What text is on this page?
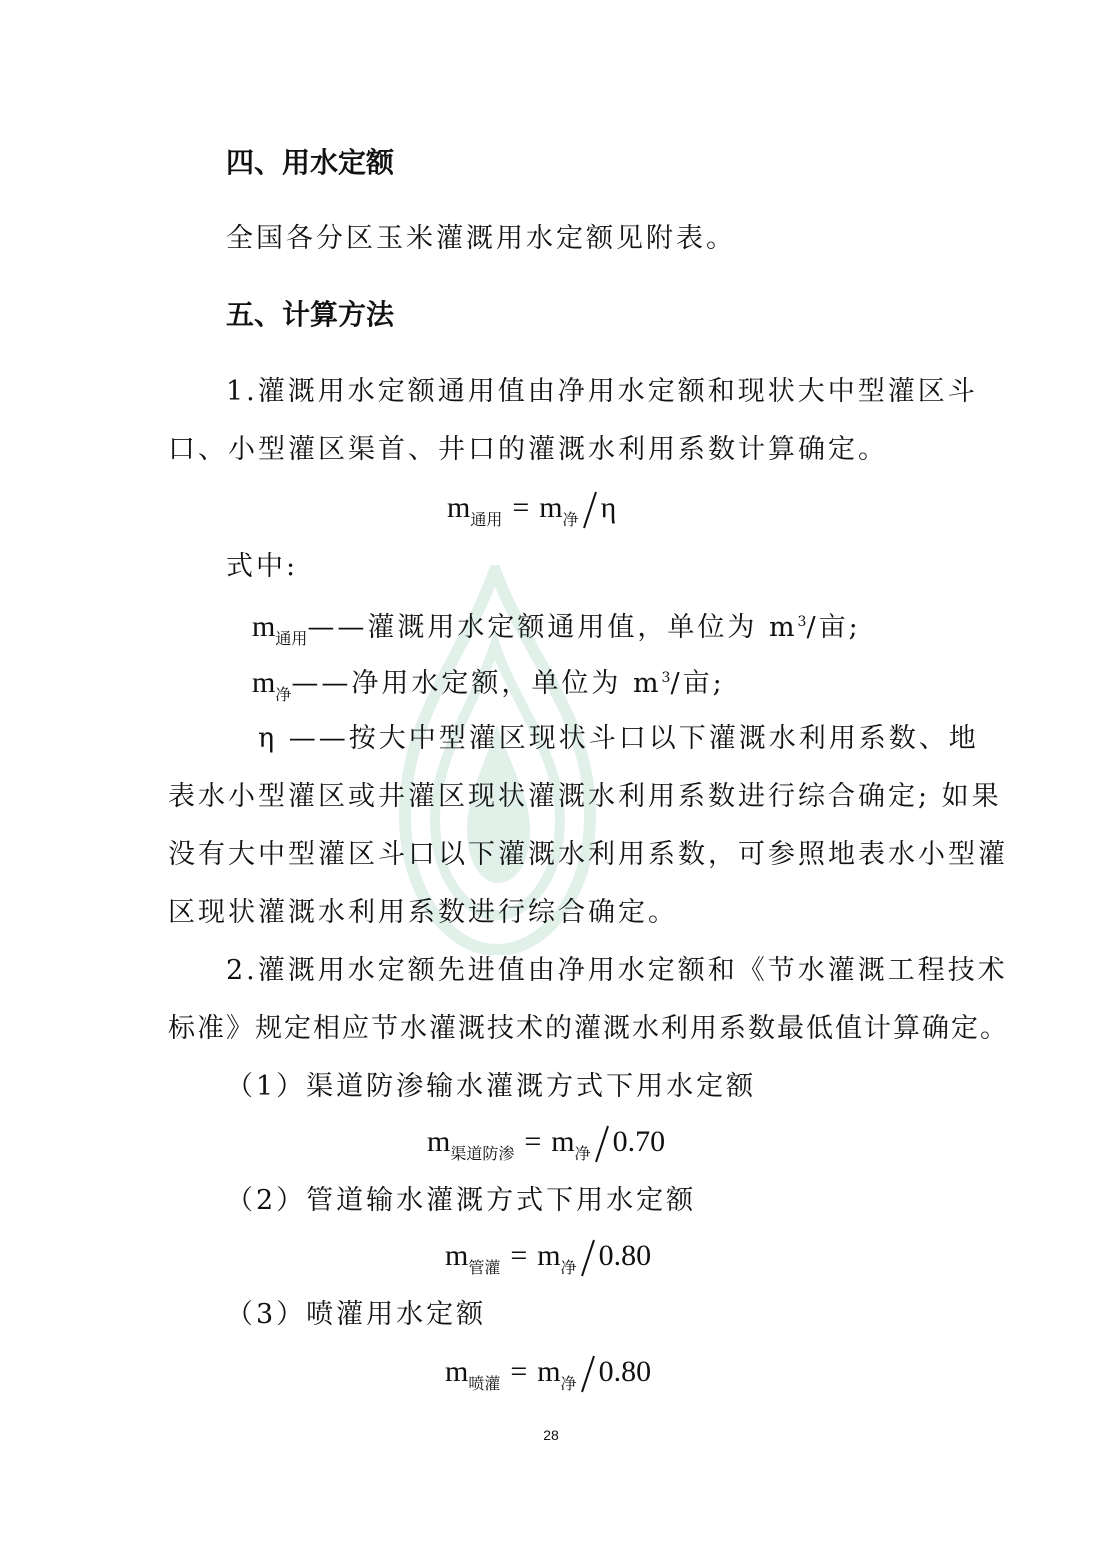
四、用水定额
全国各分区玉米灌溉用水定额见附表。
五、计算方法
1.灌溉用水定额通用值由净用水定额和现状大中型灌区斗
口、小型灌区渠首、井口的灌溉水利用系数计算确定。
$m_{通用} = m_净$ η
式中:
$m_{通用}——$灌溉用水定额通用值，单位为 $m^3/$亩;
$m_净——$净用水定额，单位为 $m^3/$亩;
η ——按大中型灌区现状斗口以下灌溉水利用系数、地
表水小型灌区或井灌区现状灌溉水利用系数进行综合确定; 如果
没有大中型灌区斗口以下灌溉水利用系数，可参照地表水小型灌
区现状灌溉水利用系数进行综合确定。
2.灌溉用水定额先进值由净用水定额和《节水灌溉工程技术
标准》规定相应节水灌溉技术的灌溉水利用系数最低值计算确定。
（1）渠道防渗输水灌溉方式下用水定额
$m_{渠道防渗} = m_净$ 0.70
（2）管道输水灌溉方式下用水定额
$m_{管灌} = m_净$ 0.80
（3）喷灌用水定额
$m_{喷灌} = m_净$ 0.80
28
